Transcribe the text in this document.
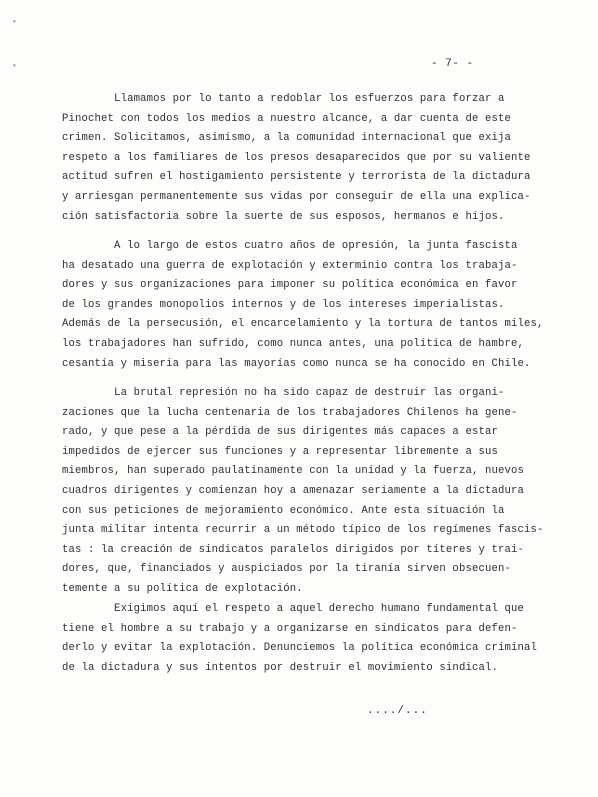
•
•	- 7- -
Llamamos por lo tanto a redoblar los esfuerzos para forzar a
Pinochet con todos los medios a nuestro alcance, a dar cuenta de este
crimen. Solicitamos, asimismo, a la comunidad internacional que exija
respeto a los familiares de los presos desaparecidos que por su valiente
actitud sufren el hostigamiento persistente y terrorista de la dictadura
y arriesgan permanentemente sus vidas por conseguir de ella una explica-
ción satisfactoria sobre la suerte de sus esposos, hermanos e hijos.
A lo largo de estos cuatro años de opresión, la junta fascista
ha desatado una guerra de explotación y exterminio contra los trabaja-
dores y sus organizaciones para imponer su política económica en favor
de los grandes monopolios internos y de los intereses imperialistas.
Además de la persecusión, el encarcelamiento y la tortura de tantos miles,
los trabajadores han sufrido, como nunca antes, una política de hambre,
cesantía y miseria para las mayorías como nunca se ha conocido en Chile.
La brutal represión no ha sido capaz de destruir las organi-
zaciones que la lucha centenaria de los trabajadores Chilenos ha gene-
rado, y que pese a la pérdida de sus dirigentes más capaces a estar
impedidos de ejercer sus funciones y a representar libremente a sus
miembros, han superado paulatinamente con la unidad y la fuerza, nuevos
cuadros dirigentes y comienzan hoy a amenazar seriamente a la dictadura
con sus peticiones de mejoramiento económico. Ante esta situación la
junta militar intenta recurrir a un método típico de los regímenes fascis-
tas : la creación de sindicatos paralelos dirigidos por títeres y trai-
dores, que, financiados y auspiciados por la tiranía sirven obsecuen-
temente a su política de explotación.
Exigimos aquí el respeto a aquel derecho humano fundamental que
tiene el hombre a su trabajo y a organizarse en sindicatos para defen-
derlo y evitar la explotación. Denunciemos la política económica criminal
de la dictadura y sus intentos por destruir el movimiento sindical.
..../...
